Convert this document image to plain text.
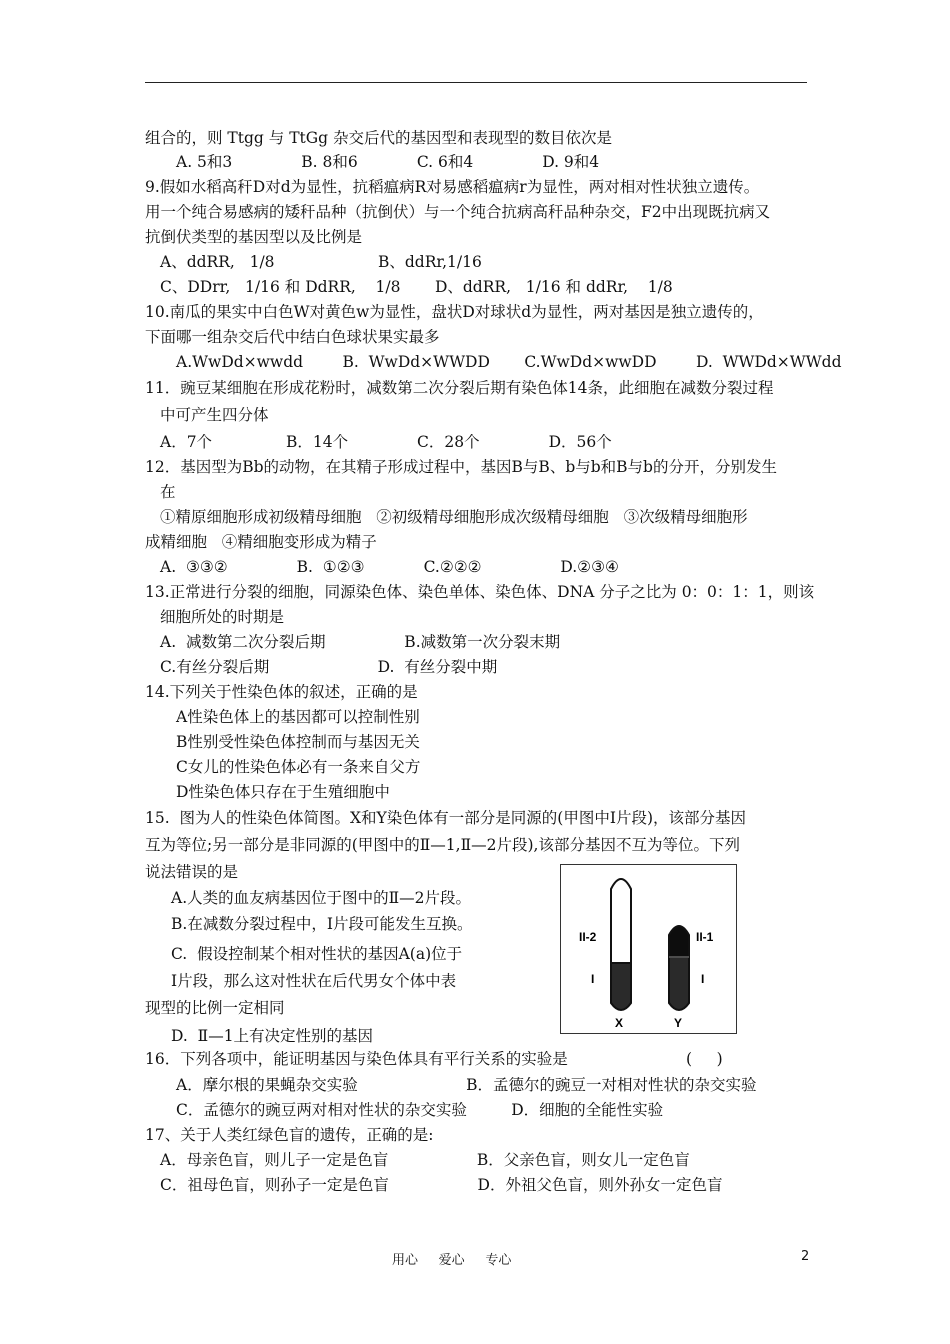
组合的，则 Ttgg 与 TtGg 杂交后代的基因型和表现型的数目依次是
A. 5和3              B. 8和6            C. 6和4              D. 9和4
9.假如水稻高秆D对d为显性，抗稻瘟病R对易感稻瘟病r为显性，两对相对性状独立遗传。
用一个纯合易感病的矮秆品种（抗倒伏）与一个纯合抗病高秆品种杂交，F2中出现既抗病又
抗倒伏类型的基因型以及比例是
A、ddRR,   1/8                     B、ddRr,1/16
C、DDrr,   1/16 和 DdRR,    1/8       D、ddRR,   1/16 和 ddRr,    1/8
10.南瓜的果实中白色W对黄色w为显性，盘状D对球状d为显性，两对基因是独立遗传的，
下面哪一组杂交后代中结白色球状果实最多
A.WwDd×wwdd        B.  WwDd×WWDD       C.WwDd×wwDD        D.  WWDd×WWdd
11．豌豆某细胞在形成花粉时，减数第二次分裂后期有染色体14条，此细胞在减数分裂过程
中可产生四分体
A．7个               B．14个              C．28个              D．56个
12．基因型为Bb的动物，在其精子形成过程中，基因B与B、b与b和B与b的分开，分别发生
在
①精原细胞形成初级精母细胞   ②初级精母细胞形成次级精母细胞   ③次级精母细胞形
成精细胞   ④精细胞变形成为精子
A.  ③③②              B.  ①②③            C.②②②                D.②③④
13.正常进行分裂的细胞，同源染色体、染色单体、染色体、DNA 分子之比为 0：0：1：1，则该
细胞所处的时期是
A.  减数第二次分裂后期                B.减数第一次分裂末期
C.有丝分裂后期                      D.  有丝分裂中期
14.下列关于性染色体的叙述，正确的是
A性染色体上的基因都可以控制性别
B性别受性染色体控制而与基因无关
C女儿的性染色体必有一条来自父方
D性染色体只存在于生殖细胞中
15.  图为人的性染色体简图。X和Y染色体有一部分是同源的(甲图中Ⅰ片段)，该部分基因
互为等位;另一部分是非同源的(甲图中的Ⅱ—1,Ⅱ—2片段),该部分基因不互为等位。下列
说法错误的是
A.人类的血友病基因位于图中的Ⅱ—2片段。
B.在减数分裂过程中，Ⅰ片段可能发生互换。
C.  假设控制某个相对性状的基因A(a)位于
Ⅰ片段，那么这对性状在后代男女个体中表
现型的比例一定相同
D.  Ⅱ—1上有决定性别的基因
16．下列各项中，能证明基因与染色体具有平行关系的实验是                        (     )
A．摩尔根的果蝇杂交实验                      B．孟德尔的豌豆一对相对性状的杂交实验
C．孟德尔的豌豆两对相对性状的杂交实验         D．细胞的全能性实验
17、关于人类红绿色盲的遗传，正确的是:
A．母亲色盲，则儿子一定是色盲                  B．父亲色盲，则女儿一定色盲
C．祖母色盲，则孙子一定是色盲                  D．外祖父色盲，则外孙女一定色盲
II-2	II-1
I	I
X	Y
用心     爱心     专心	2
